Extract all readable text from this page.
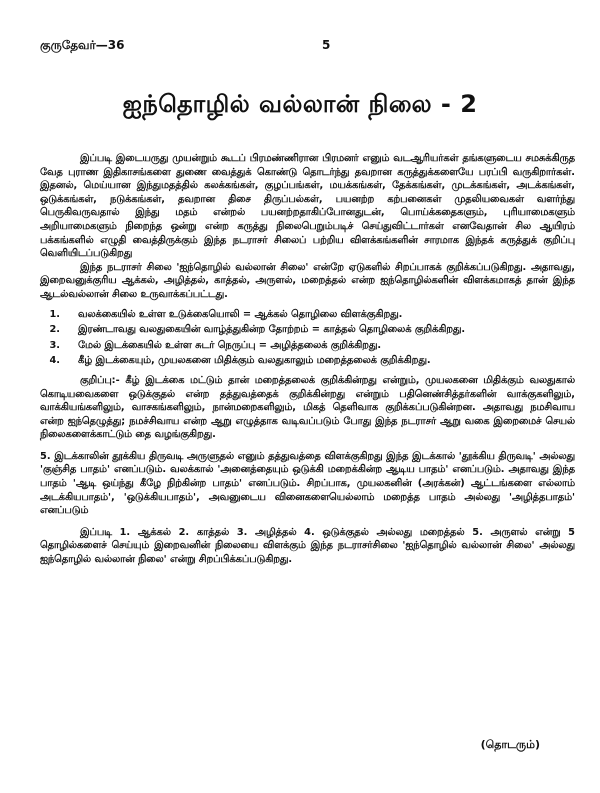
குருதேவர்—36	5
ஐந்தொழில் வல்லான் நிலை - 2

இப்படி இடையருது முயன்றும் கூடப் பிரமண்ணிரான பிரமனர் எனும் வடஆரியர்கள் தங்களுடைய சமசுக்கிருத வேத புராண இதிகாசங்களை துணை வைத்துக் கொண்டு தொடர்ந்து தவறான கருத்துக்களையே பரப்பி வருகிறார்கள். இதனல், மெய்யான இந்துமதத்தில் கலக்கங்கள், குழப்பங்கள், மயக்கங்கள், தேக்கங்கள், முடக்கங்கள், அடக்கங்கள், ஒடுக்கங்கள், நடுக்கங்கள், தவறான திசை திருப்பல்கள், பயனற்ற கற்பனைகள் முதலியவைகள் வளர்ந்து பெருகிவருவதால் இந்து மதம் என்றல் பயனற்றதாகிப்போனதுடன், பொய்க்கதைகளும், புரியாமைகளும் அறியாமைகளும் நிறைந்த ஒன்று என்ற கருத்து நிலைபெறும்படிச் செய்துவிட்டார்கள் எனவேதான் சில ஆயிரம் பக்கங்களில் எழுதி வைத்திருக்கும் இந்த நடராசர் சிலைப் பற்றிய விளக்கங்களின் சாரமாக இந்தக் கருத்துக் குறிப்பு வெளியிடப்படுகிறது

இந்த நடராசர் சிலை 'ஐந்தொழில் வல்லான் சிலை' என்றே ஏடுகளில் சிறப்பாகக் குறிக்கப்படுகிறது. அதாவது, இறைவனுக்குரிய ஆக்கல், அழித்தல், காத்தல், அருளல், மறைத்தல் என்ற ஐந்தொழில்களின் விளக்கமாகத் தான் இந்த ஆடல்வல்லான் சிலை உருவாக்கப்பட்டது.

1. வலக்கையில் உள்ள உடுக்கையொலி = ஆக்கல் தொழிலை விளக்குகிறது.
2. இரண்டாவது வலதுகையின் வாழ்த்துகின்ற தோற்றம் = காத்தல் தொழிலைக் குறிக்கிறது.
3. மேல் இடக்கையில் உள்ள சுடர் நெருப்பு = அழித்தலைக் குறிக்கிறது.
4. கீழ் இடக்கையும், முயலகனை மிதிக்கும் வலதுகாலும் மறைத்தலைக் குறிக்கிறது.

குறிப்பு:- கீழ் இடக்கை மட்டும் தான் மறைத்தலைக் குறிக்கின்றது என்றும், முயலகனை மிதிக்கும் வலதுகால் கொடியவைகளை ஒடுக்குதல் என்ற தத்துவத்தைக் குறிக்கின்றது என்றும் பதினெண்சித்தர்களின் வாக்குகளிலும், வாக்கியங்களிலும், வாசகங்களிலும், நான்மறைகளிலும், மிகத் தெளிவாக குறிக்கப்படுகின்றன. அதாவது நமசிவாய என்ற ஐந்தெழுத்து; நமச்சிவாய என்ற ஆறு எழுத்தாக வடிவப்படும் போது இந்த நடராசர் ஆறு வகை இறைமைச் செயல் நிலைகளைக்காட்டும் தை வழங்குகிறது.

5. இடக்காலின் தூக்கிய திருவடி அருளுதல் எனும் தத்துவத்தை விளக்குகிறது இந்த இடக்கால் 'தூக்கிய திருவடி' அல்லது 'குஞ்சித பாதம்' எனப்படும். வலக்கால் 'அனைத்தையும் ஒடுக்கி மறைக்கின்ற ஆடிய பாதம்' எனப்படும். அதாவது இந்த பாதம் 'ஆடி ஒய்ந்து கீழே நிற்கின்ற பாதம்' எனப்படும். சிறப்பாக, முயலகனின் (அரக்கன்) ஆட்டங்களை எல்லாம் அடக்கியபாதம்', 'ஒடுக்கியபாதம்', அவனுடைய வினைகளையெல்லாம் மறைத்த பாதம் அல்லது 'அழித்தபாதம்' எனப்படும்

இப்படி 1. ஆக்கல் 2. காத்தல் 3. அழித்தல் 4. ஒடுக்குதல் அல்லது மறைத்தல் 5. அருளல் என்று 5 தொழில்களைச் செய்யும் இறைவனின் நிலையை விளக்கும் இந்த நடராசர்சிலை 'ஐந்தொழில் வல்லான் சிலை' அல்லது ஐந்தொழில் வல்லான் நிலை' என்று சிறப்பிக்கப்படுகிறது.

(தொடரும்)
